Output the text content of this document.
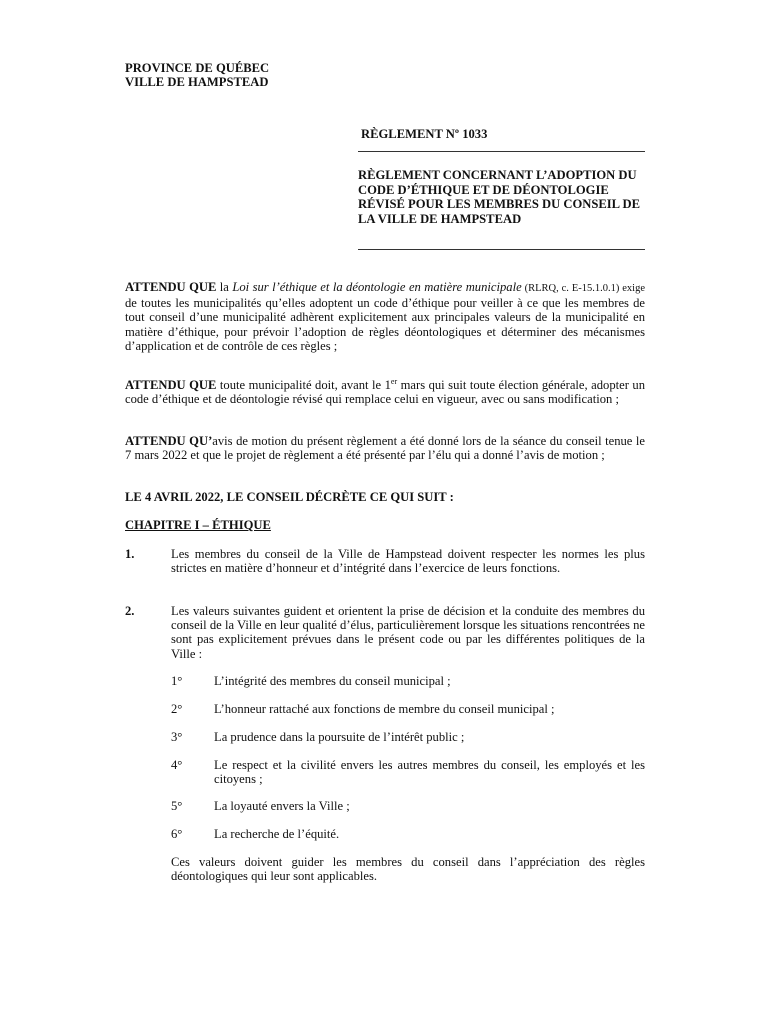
PROVINCE DE QUÉBEC
VILLE DE HAMPSTEAD
RÈGLEMENT Nº 1033
RÈGLEMENT CONCERNANT L’ADOPTION DU CODE D’ÉTHIQUE ET DE DÉONTOLOGIE RÉVISÉ POUR LES MEMBRES DU CONSEIL DE LA VILLE DE HAMPSTEAD
ATTENDU QUE la Loi sur l’éthique et la déontologie en matière municipale (RLRQ, c. E-15.1.0.1) exige de toutes les municipalités qu’elles adoptent un code d’éthique pour veiller à ce que les membres de tout conseil d’une municipalité adhèrent explicitement aux principales valeurs de la municipalité en matière d’éthique, pour prévoir l’adoption de règles déontologiques et déterminer des mécanismes d’application et de contrôle de ces règles ;
ATTENDU QUE toute municipalité doit, avant le 1er mars qui suit toute élection générale, adopter un code d’éthique et de déontologie révisé qui remplace celui en vigueur, avec ou sans modification ;
ATTENDU QU’avis de motion du présent règlement a été donné lors de la séance du conseil tenue le 7 mars 2022 et que le projet de règlement a été présenté par l’élu qui a donné l’avis de motion ;
LE 4 AVRIL 2022, LE CONSEIL DÉCRÈTE CE QUI SUIT :
CHAPITRE I – ÉTHIQUE
1.	Les membres du conseil de la Ville de Hampstead doivent respecter les normes les plus strictes en matière d’honneur et d’intégrité dans l’exercice de leurs fonctions.
2.	Les valeurs suivantes guident et orientent la prise de décision et la conduite des membres du conseil de la Ville en leur qualité d’élus, particulièrement lorsque les situations rencontrées ne sont pas explicitement prévues dans le présent code ou par les différentes politiques de la Ville :
1°	L’intégrité des membres du conseil municipal ;
2°	L’honneur rattaché aux fonctions de membre du conseil municipal ;
3°	La prudence dans la poursuite de l’intérêt public ;
4°	Le respect et la civilité envers les autres membres du conseil, les employés et les citoyens ;
5°	La loyauté envers la Ville ;
6°	La recherche de l’équité.
Ces valeurs doivent guider les membres du conseil dans l’appréciation des règles déontologiques qui leur sont applicables.
